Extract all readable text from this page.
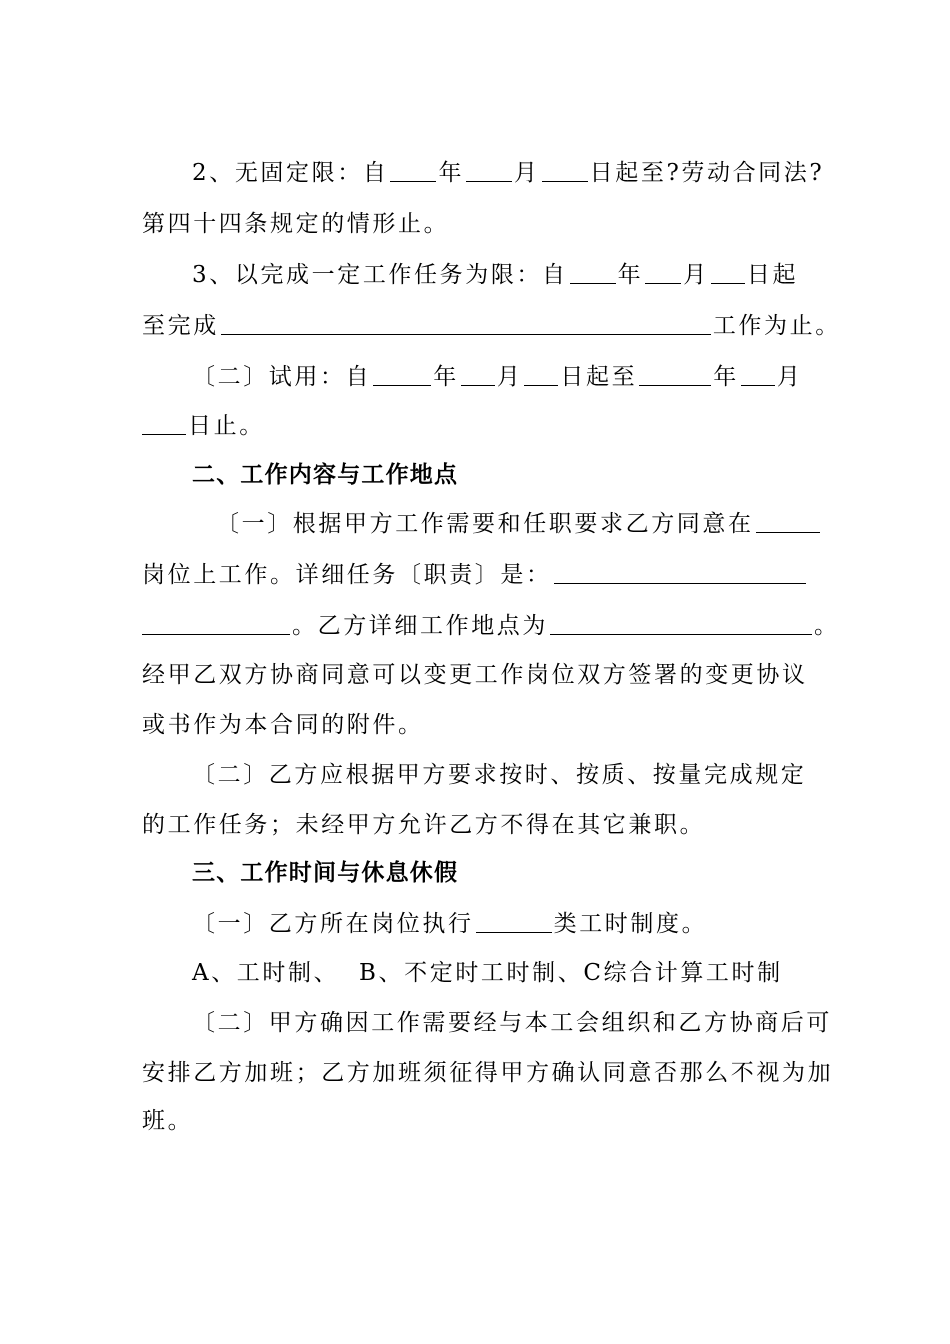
2、无固定限：自 年 月 日起至?劳动合同法?
第四十四条规定的情形止。
3、以完成一定工作任务为限：自 年 月 日起
至完成	工作为止。
〔二〕试用：自	年 月 日起至	年 月
日止。
二、工作内容与工作地点
〔一〕根据甲方工作需要和任职要求乙方同意在
岗位上工作。详细任务〔职责〕是：
。乙方详细工作地点为	。
经甲乙双方协商同意可以变更工作岗位双方签署的变更协议
或书作为本合同的附件。
〔二〕乙方应根据甲方要求按时、按质、按量完成规定
的工作任务；未经甲方允许乙方不得在其它兼职。
三、工作时间与休息休假
〔一〕乙方所在岗位执行	类工时制度。
A、工时制、  B、不定时工时制、C综合计算工时制
〔二〕甲方确因工作需要经与本工会组织和乙方协商后可
安排乙方加班；乙方加班须征得甲方确认同意否那么不视为加
班。
